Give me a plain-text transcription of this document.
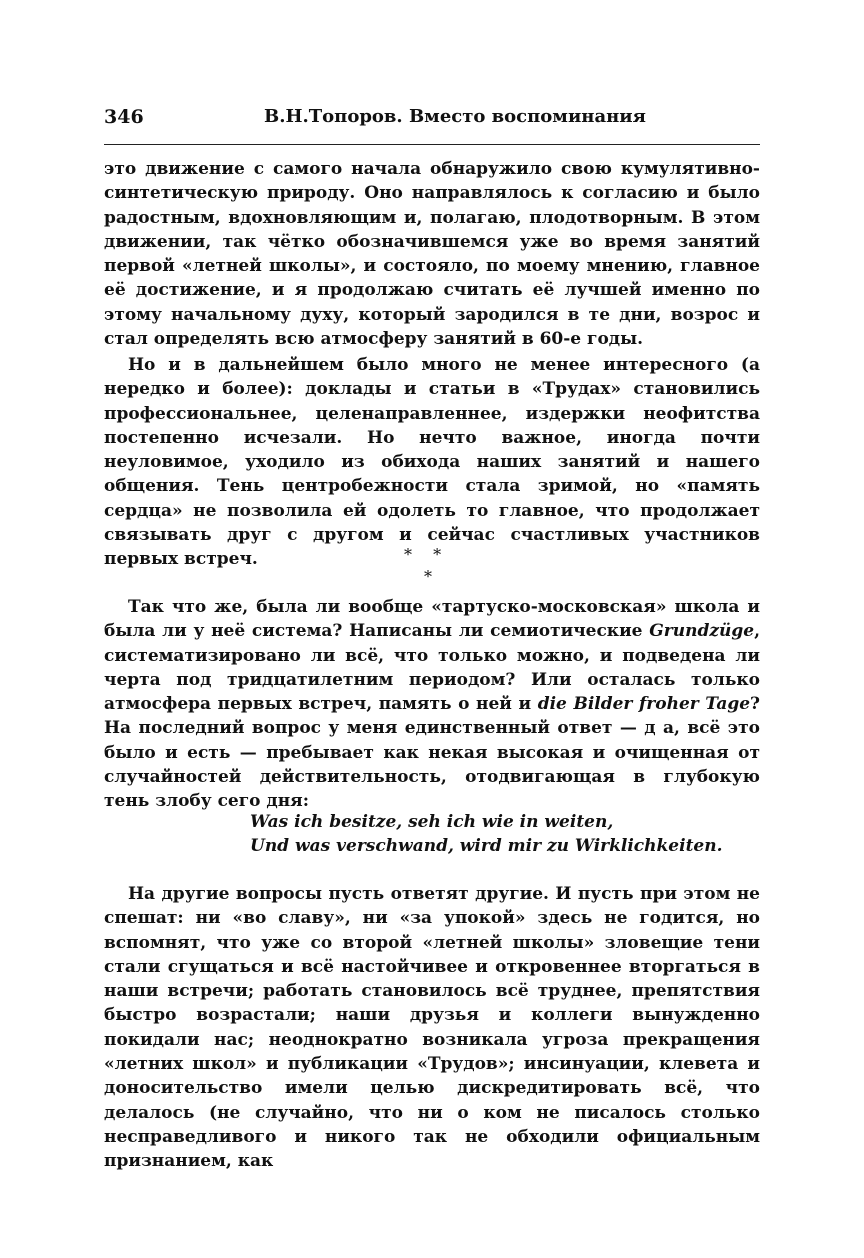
346	В.Н.Топоров. Вместо воспоминания

это движение с самого начала обнаружило свою кумулятивно-синтетическую природу. Оно направлялось к согласию и было радостным, вдохновляющим и, полагаю, плодотворным. В этом движении, так чётко обозначившемся уже во время занятий первой «летней школы», и состояло, по моему мнению, главное её достижение, и я продолжаю считать её лучшей именно по этому начальному духу, который зародился в те дни, возрос и стал определять всю атмосферу занятий в 60-е годы.

Но и в дальнейшем было много не менее интересного (а нередко и более): доклады и статьи в «Трудах» становились профессиональнее, целенаправленнее, издержки неофитства постепенно исчезали. Но нечто важное, иногда почти неуловимое, уходило из обихода наших занятий и нашего общения. Тень центробежности стала зримой, но «память сердца» не позволила ей одолеть то главное, что продолжает связывать друг с другом и сейчас счастливых участников первых встреч.	* *
*

Так что же, была ли вообще «тартуско-московская» школа и была ли у неё система? Написаны ли семиотические Grundzüge, систематизировано ли всё, что только можно, и подведена ли черта под тридцатилетним периодом? Или осталась только атмосфера первых встреч, память о ней и die Bilder froher Tage? На последний вопрос у меня единственный ответ — д а, всё это было и есть — пребывает как некая высокая и очищенная от случайностей действительность, отодвигающая в глубокую тень злобу сего дня:

Was ich besitze, seh ich wie in weiten,
Und was verschwand, wird mir zu Wirklichkeiten.

На другие вопросы пусть ответят другие. И пусть при этом не спешат: ни «во славу», ни «за упокой» здесь не годится, но вспомнят, что уже со второй «летней школы» зловещие тени стали сгущаться и всё настойчивее и откровеннее вторгаться в наши встречи; работать становилось всё труднее, препятствия быстро возрастали; наши друзья и коллеги вынужденно покидали нас; неоднократно возникала угроза прекращения «летних школ» и публикации «Трудов»; инсинуации, клевета и доносительство имели целью дискредитировать всё, что делалось (не случайно, что ни о ком не писалось столько несправедливого и никого так не обходили официальным признанием, как
